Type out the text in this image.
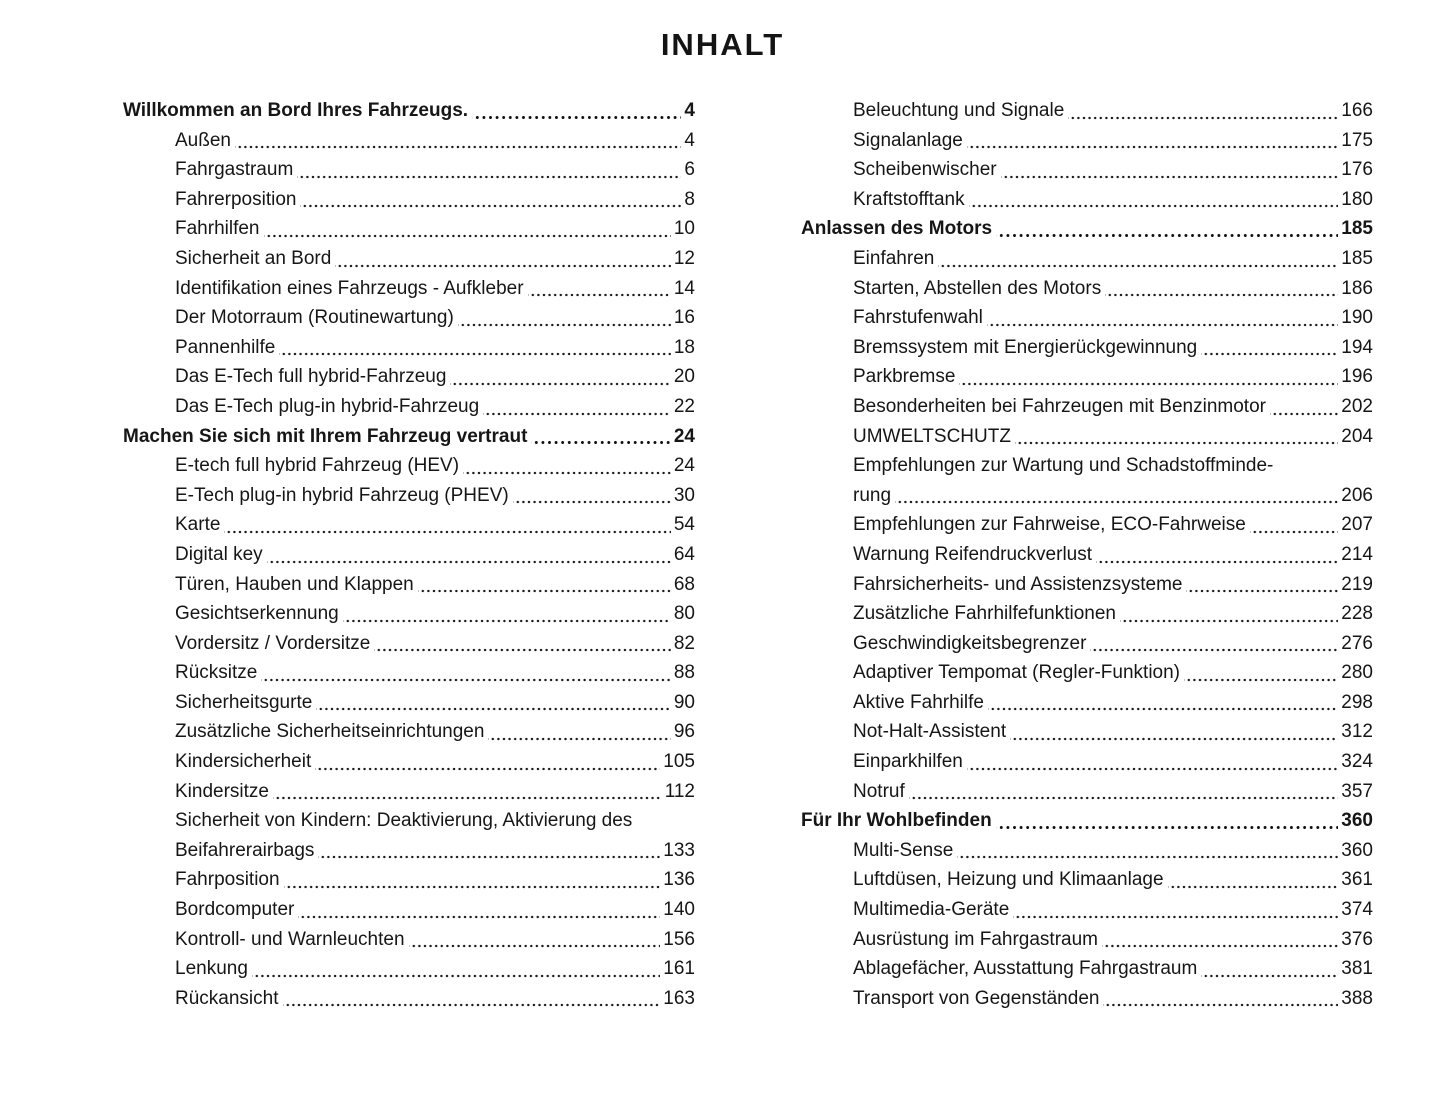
INHALT
Willkommen an Bord Ihres Fahrzeugs.	4
Außen	4
Fahrgastraum	6
Fahrerposition	8
Fahrhilfen	10
Sicherheit an Bord	12
Identifikation eines Fahrzeugs - Aufkleber	14
Der Motorraum (Routinewartung)	16
Pannenhilfe	18
Das E-Tech full hybrid-Fahrzeug	20
Das E-Tech plug-in hybrid-Fahrzeug	22
Machen Sie sich mit Ihrem Fahrzeug vertraut	24
E-tech full hybrid Fahrzeug (HEV)	24
E-Tech plug-in hybrid Fahrzeug (PHEV)	30
Karte	54
Digital key	64
Türen, Hauben und Klappen	68
Gesichtserkennung	80
Vordersitz / Vordersitze	82
Rücksitze	88
Sicherheitsgurte	90
Zusätzliche Sicherheitseinrichtungen	96
Kindersicherheit	105
Kindersitze	112
Sicherheit von Kindern: Deaktivierung, Aktivierung des
Beifahrerairbags	133
Fahrposition	136
Bordcomputer	140
Kontroll- und Warnleuchten	156
Lenkung	161
Rückansicht	163
Beleuchtung und Signale	166
Signalanlage	175
Scheibenwischer	176
Kraftstofftank	180
Anlassen des Motors	185
Einfahren	185
Starten, Abstellen des Motors	186
Fahrstufenwahl	190
Bremssystem mit Energierückgewinnung	194
Parkbremse	196
Besonderheiten bei Fahrzeugen mit Benzinmotor	202
UMWELTSCHUTZ	204
Empfehlungen zur Wartung und Schadstoffminde-
rung	206
Empfehlungen zur Fahrweise, ECO-Fahrweise	207
Warnung Reifendruckverlust	214
Fahrsicherheits- und Assistenzsysteme	219
Zusätzliche Fahrhilfefunktionen	228
Geschwindigkeitsbegrenzer	276
Adaptiver Tempomat (Regler-Funktion)	280
Aktive Fahrhilfe	298
Not-Halt-Assistent	312
Einparkhilfen	324
Notruf	357
Für Ihr Wohlbefinden	360
Multi-Sense	360
Luftdüsen, Heizung und Klimaanlage	361
Multimedia-Geräte	374
Ausrüstung im Fahrgastraum	376
Ablagefächer, Ausstattung Fahrgastraum	381
Transport von Gegenständen	388
